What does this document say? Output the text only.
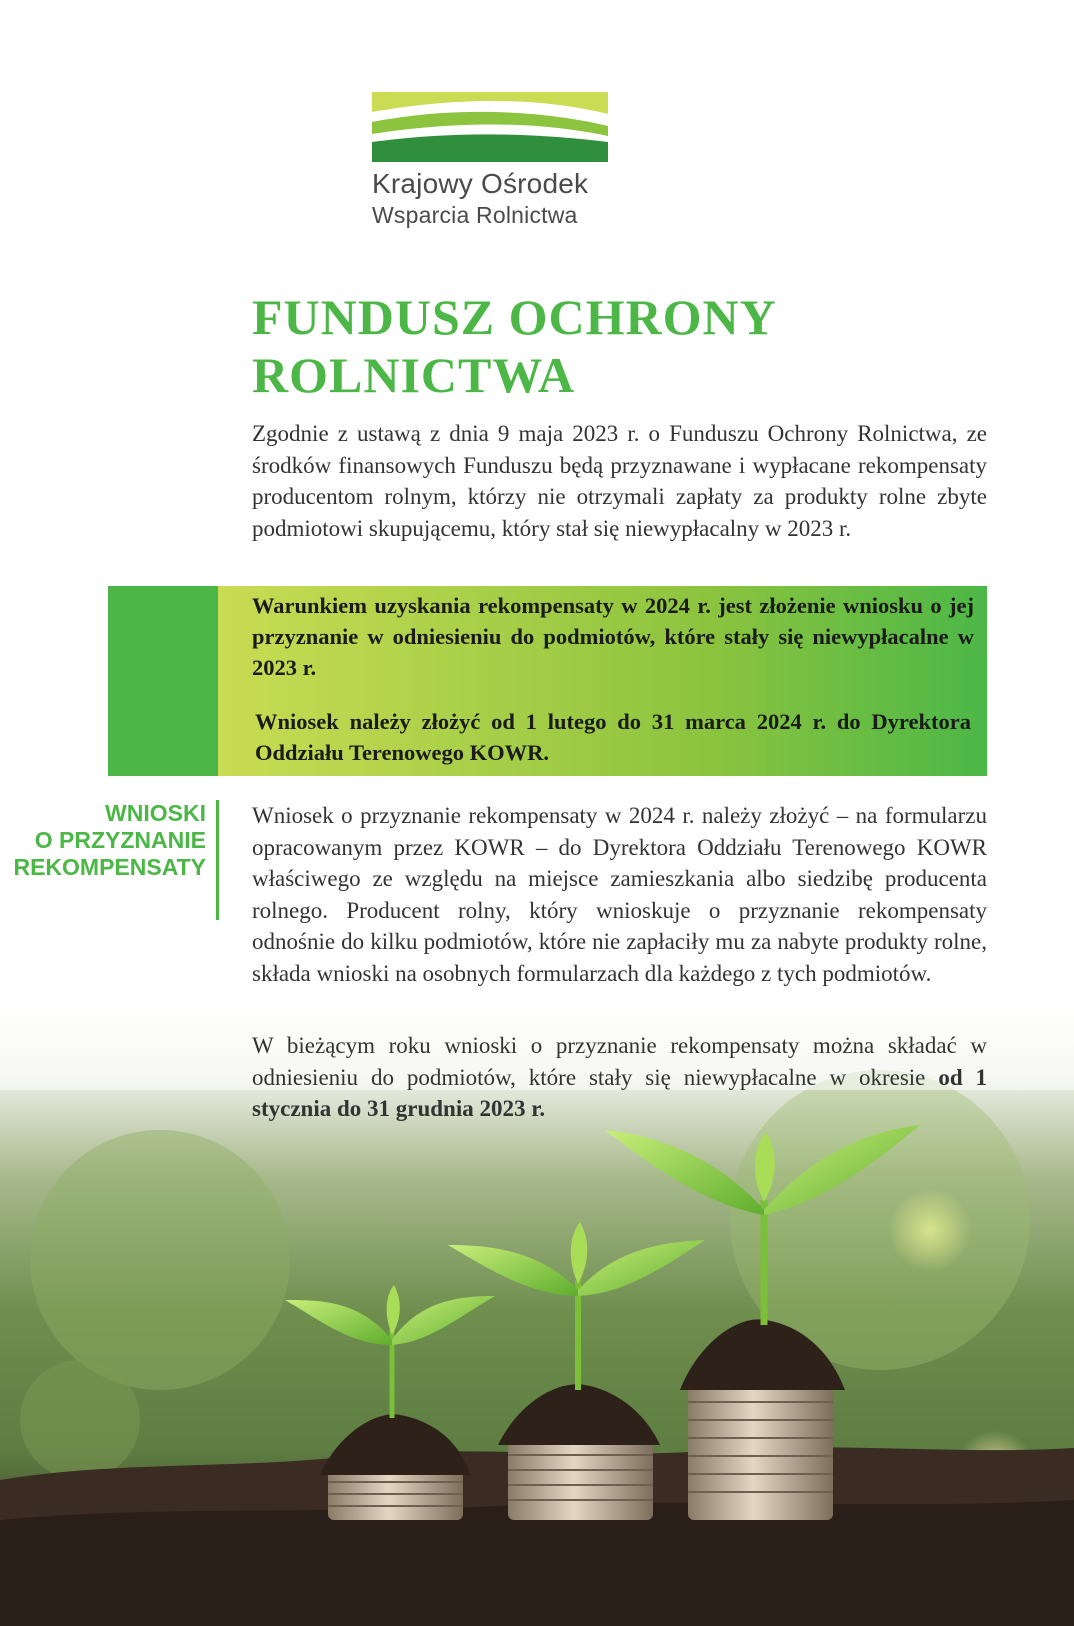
Krajowy Ośrodek
Wsparcia Rolnictwa
FUNDUSZ OCHRONY
ROLNICTWA

Zgodnie z ustawą z dnia 9 maja 2023 r. o Funduszu Ochrony Rolnictwa, ze środków finansowych Funduszu będą przyznawane i wypłacane rekompensaty producentom rolnym, którzy nie otrzymali zapłaty za produkty rolne zbyte podmiotowi skupującemu, który stał się niewypłacalny w 2023 r.

Warunkiem uzyskania rekompensaty w 2024 r. jest złożenie wniosku o jej przyznanie w odniesieniu do podmiotów, które stały się niewypłacalne w 2023 r.

Wniosek należy złożyć od 1 lutego do 31 marca 2024 r. do Dyrektora Oddziału Terenowego KOWR.

WNIOSKI
O PRZYZNANIE
REKOMPENSATY

Wniosek o przyznanie rekompensaty w 2024 r. należy złożyć – na formularzu opracowanym przez KOWR – do Dyrektora Oddziału Terenowego KOWR właściwego ze względu na miejsce zamieszkania albo siedzibę producenta rolnego. Producent rolny, który wnioskuje o przyznanie rekompensaty odnośnie do kilku podmiotów, które nie zapłaciły mu za nabyte produkty rolne, składa wnioski na osobnych formularzach dla każdego z tych podmiotów.

W bieżącym roku wnioski o przyznanie rekompensaty można składać w odniesieniu do podmiotów, które stały się niewypłacalne w okresie od 1 stycznia do 31 grudnia 2023 r.
